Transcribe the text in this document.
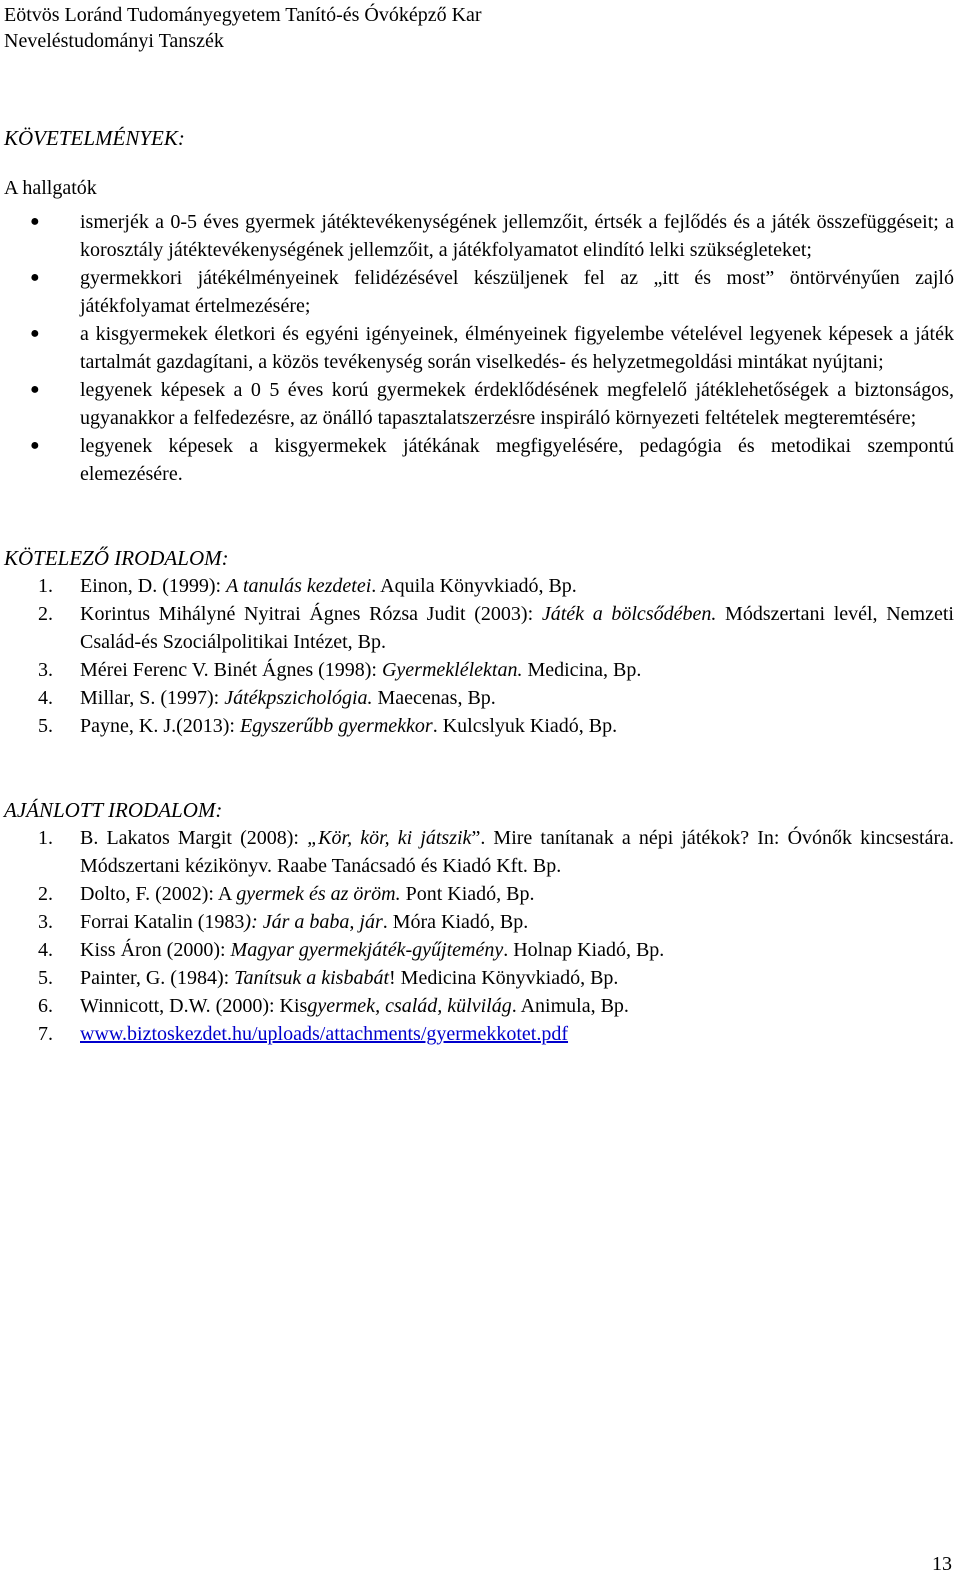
Eötvös Loránd Tudományegyetem Tanító-és Óvóképző Kar
Neveléstudományi Tanszék

KÖVETELMÉNYEK:

A hallgatók

● ismerjék a 0-5 éves gyermek játéktevékenységének jellemzőit, értsék a fejlődés és a játék összefüggéseit; a korosztály játéktevékenységének jellemzőit, a játékfolyamatot elindító lelki szükségleteket;
● gyermekkori játékélményeinek felidézésével készüljenek fel az „itt és most” öntörvényűen zajló játékfolyamat értelmezésére;
● a kisgyermekek életkori és egyéni igényeinek, élményeinek figyelembe vételével legyenek képesek a játék tartalmát gazdagítani, a közös tevékenység során viselkedés- és helyzetmegoldási mintákat nyújtani;
● legyenek képesek a 0 5 éves korú gyermekek érdeklődésének megfelelő játéklehetőségek a biztonságos, ugyanakkor a felfedezésre, az önálló tapasztalatszerzésre inspiráló környezeti feltételek megteremtésére;
● legyenek képesek a kisgyermekek játékának megfigyelésére, pedagógia és metodikai szempontú elemezésére.

KÖTELEZŐ IRODALOM:

1. Einon, D. (1999): A tanulás kezdetei. Aquila Könyvkiadó, Bp.
2. Korintus Mihályné Nyitrai Ágnes Rózsa Judit (2003): Játék a bölcsődében. Módszertani levél, Nemzeti Család-és Szociálpolitikai Intézet, Bp.
3. Mérei Ferenc V. Binét Ágnes (1998): Gyermeklélektan. Medicina, Bp.
4. Millar, S. (1997): Játékpszichológia. Maecenas, Bp.
5. Payne, K. J.(2013): Egyszerűbb gyermekkor. Kulcslyuk Kiadó, Bp.

AJÁNLOTT IRODALOM:

1. B. Lakatos Margit (2008): „Kör, kör, ki játszik”. Mire tanítanak a népi játékok? In: Óvónők kincsestára. Módszertani kézikönyv. Raabe Tanácsadó és Kiadó Kft. Bp.
2. Dolto, F. (2002): A gyermek és az öröm. Pont Kiadó, Bp.
3. Forrai Katalin (1983): Jár a baba, jár. Móra Kiadó, Bp.
4. Kiss Áron (2000): Magyar gyermekjáték-gyűjtemény. Holnap Kiadó, Bp.
5. Painter, G. (1984): Tanítsuk a kisbabát! Medicina Könyvkiadó, Bp.
6. Winnicott, D.W. (2000): Kisgyermek, család, külvilág. Animula, Bp.
7. www.biztoskezdet.hu/uploads/attachments/gyermekkotet.pdf
13
